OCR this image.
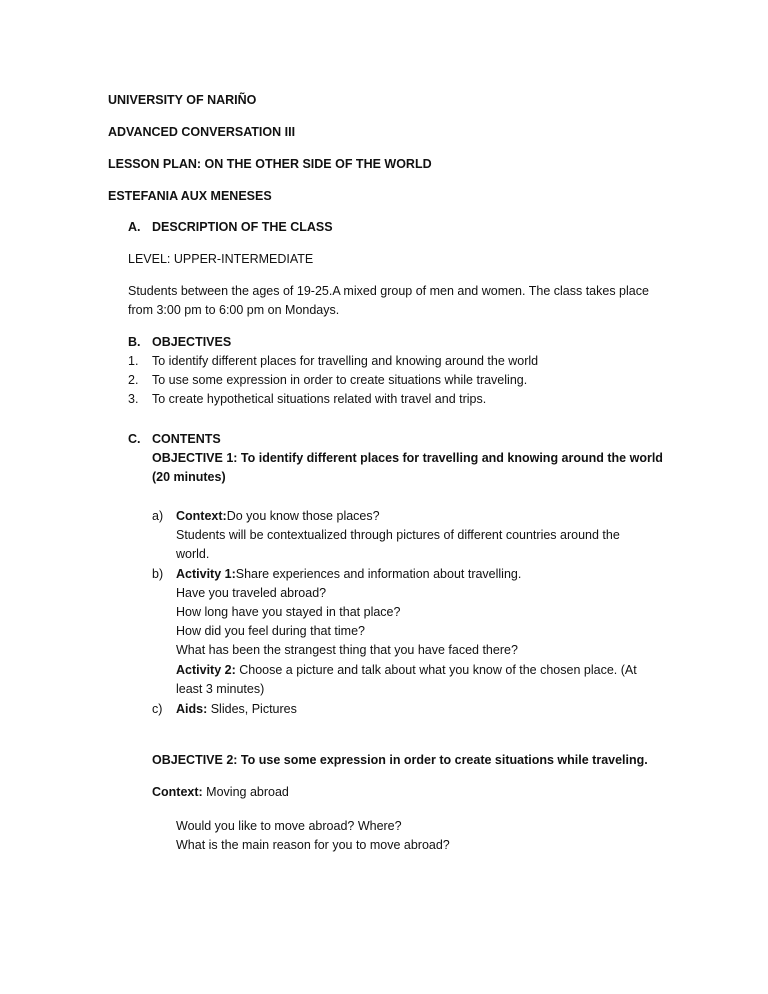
UNIVERSITY OF NARIÑO
ADVANCED CONVERSATION III
LESSON PLAN: ON THE OTHER SIDE OF THE WORLD
ESTEFANIA AUX MENESES
A. DESCRIPTION OF THE CLASS
LEVEL: UPPER-INTERMEDIATE
Students between the ages of 19-25.A mixed group of men and women. The class takes place
from 3:00 pm to 6:00 pm on Mondays.
B. OBJECTIVES
1. To identify different places for travelling and knowing around the world
2. To use some expression in order to create situations while traveling.
3. To create hypothetical situations related with travel and trips.
C. CONTENTS
OBJECTIVE 1: To identify different places for travelling and knowing around the world
(20 minutes)
a) Context:Do you know those places?
Students will be contextualized through pictures of different countries around the
world.
b) Activity 1:Share experiences and information about travelling.
Have you traveled abroad?
How long have you stayed in that place?
How did you feel during that time?
What has been the strangest thing that you have faced there?
Activity 2: Choose a picture and talk about what you know of the chosen place. (At
least 3 minutes)
c) Aids: Slides, Pictures
OBJECTIVE 2: To use some expression in order to create situations while traveling.
Context: Moving abroad
Would you like to move abroad? Where?
What is the main reason for you to move abroad?
